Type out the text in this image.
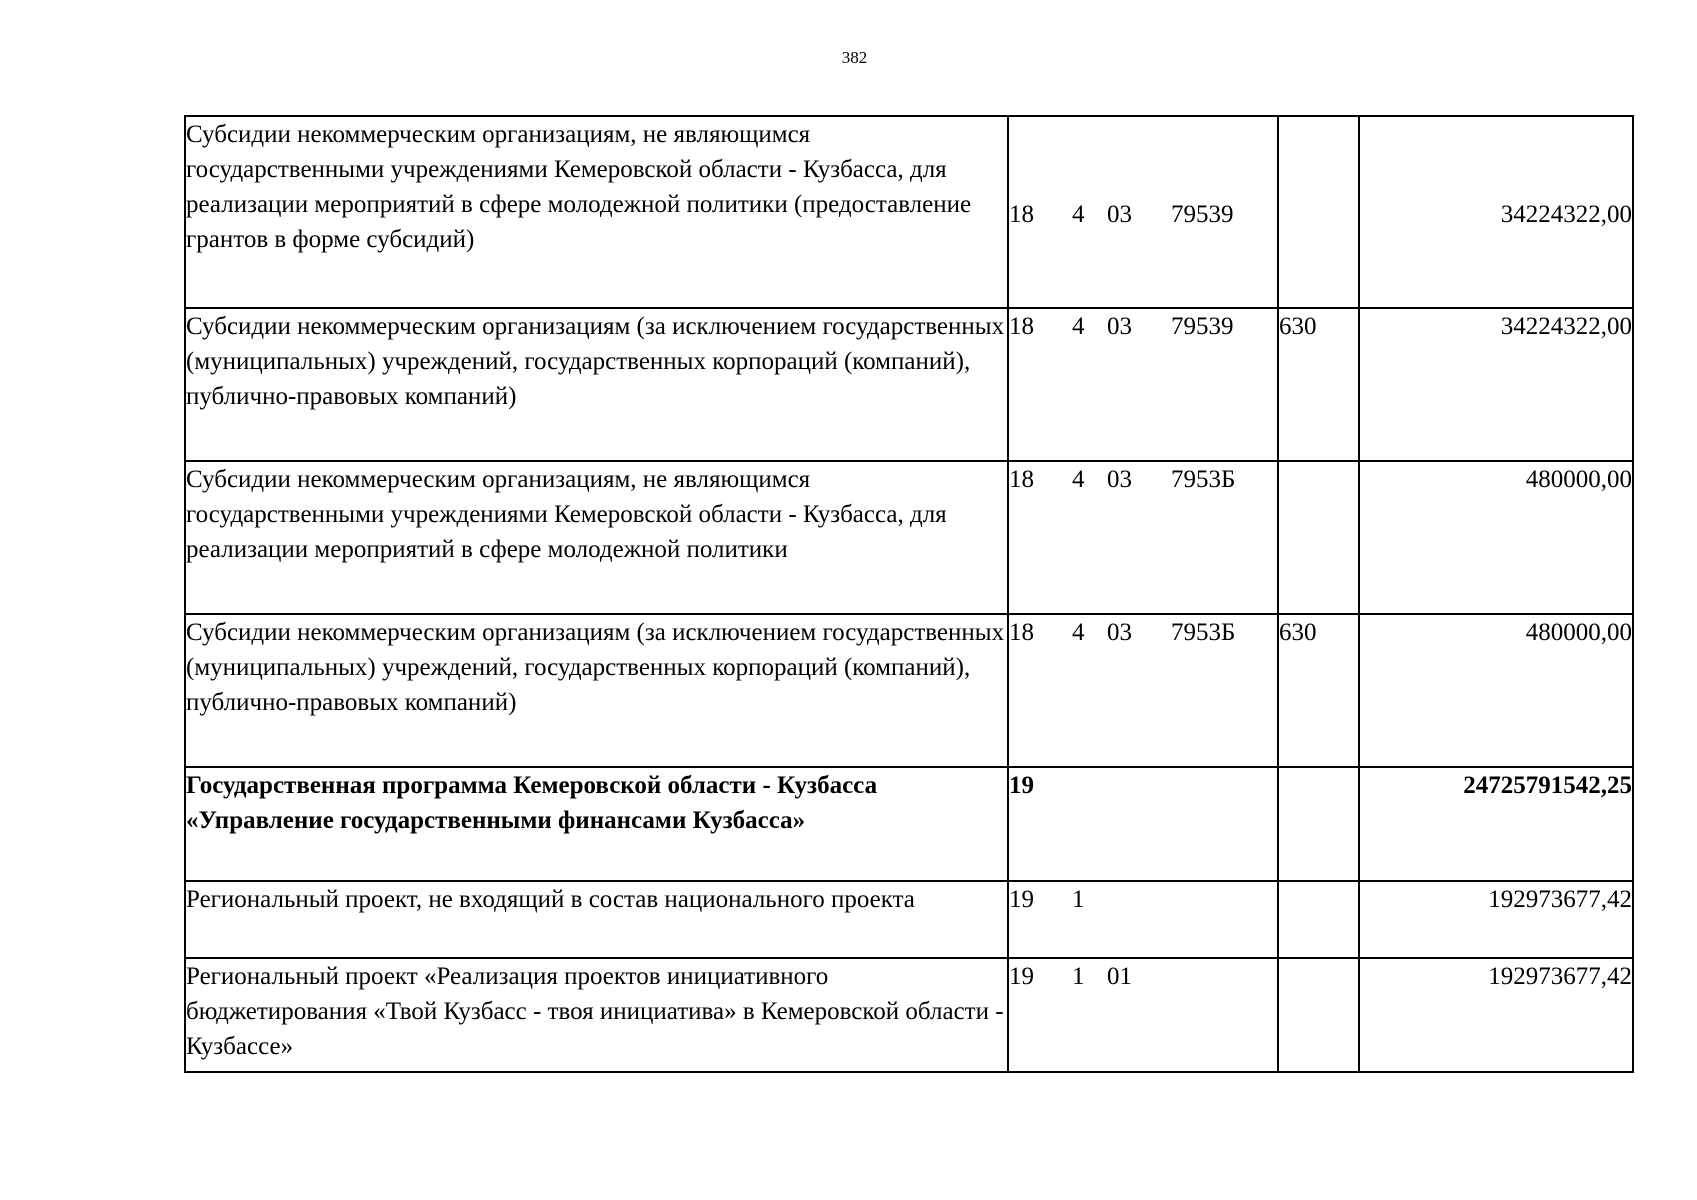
382
Субсидии некоммерческим организациям, не являющимся государственными учреждениями Кемеровской области - Кузбасса, для реализации мероприятий в сфере молодежной политики (предоставление грантов в форме субсидий)	18 4 03 79539		34224322,00
Субсидии некоммерческим организациям (за исключением государственных (муниципальных) учреждений, государственных корпораций (компаний), публично-правовых компаний)	18 4 03 79539	630	34224322,00
Субсидии некоммерческим организациям, не являющимся государственными учреждениями Кемеровской области - Кузбасса, для реализации мероприятий в сфере молодежной политики	18 4 03 7953Б		480000,00
Субсидии некоммерческим организациям (за исключением государственных (муниципальных) учреждений, государственных корпораций (компаний), публично-правовых компаний)	18 4 03 7953Б	630	480000,00
Государственная программа Кемеровской области - Кузбасса «Управление государственными финансами Кузбасса»	19		24725791542,25
Региональный проект, не входящий в состав национального проекта	19 1		192973677,42
Региональный проект «Реализация проектов инициативного бюджетирования «Твой Кузбасс - твоя инициатива» в Кемеровской области - Кузбассе»	19 1 01		192973677,42
